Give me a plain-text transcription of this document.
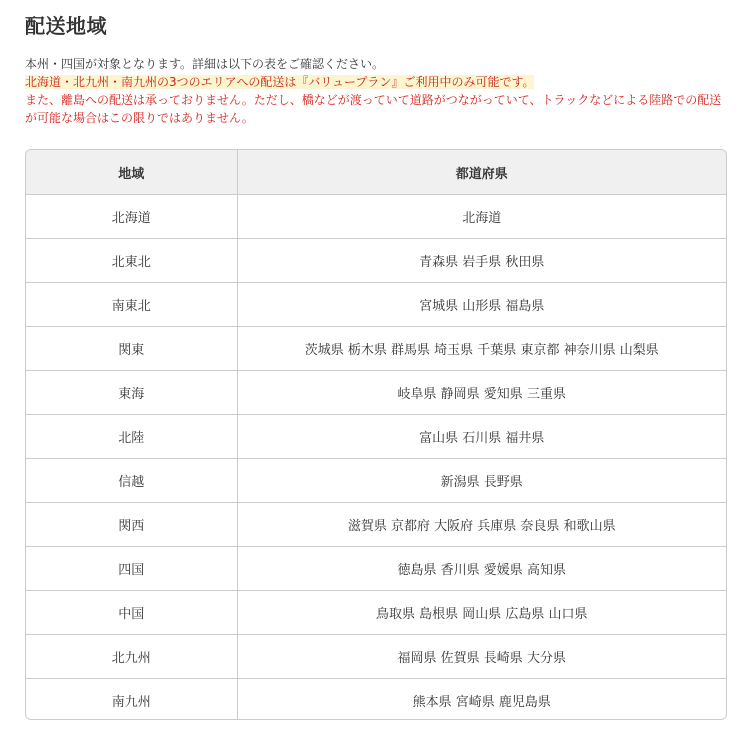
配送地域

本州・四国が対象となります。詳細は以下の表をご確認ください。

北海道・北九州・南九州の3つのエリアへの配送は『バリュープラン』ご利用中のみ可能です。

また、離島への配送は承っておりません。ただし、橋などが渡っていて道路がつながっていて、トラックなどによる陸路での配送

が可能な場合はこの限りではありません。

地域	都道府県
北海道	北海道
北東北	青森県 岩手県 秋田県
南東北	宮城県 山形県 福島県
関東	茨城県 栃木県 群馬県 埼玉県 千葉県 東京都 神奈川県 山梨県
東海	岐阜県 静岡県 愛知県 三重県
北陸	富山県 石川県 福井県
信越	新潟県 長野県
関西	滋賀県 京都府 大阪府 兵庫県 奈良県 和歌山県
四国	徳島県 香川県 愛媛県 高知県
中国	鳥取県 島根県 岡山県 広島県 山口県
北九州	福岡県 佐賀県 長崎県 大分県
南九州	熊本県 宮崎県 鹿児島県
